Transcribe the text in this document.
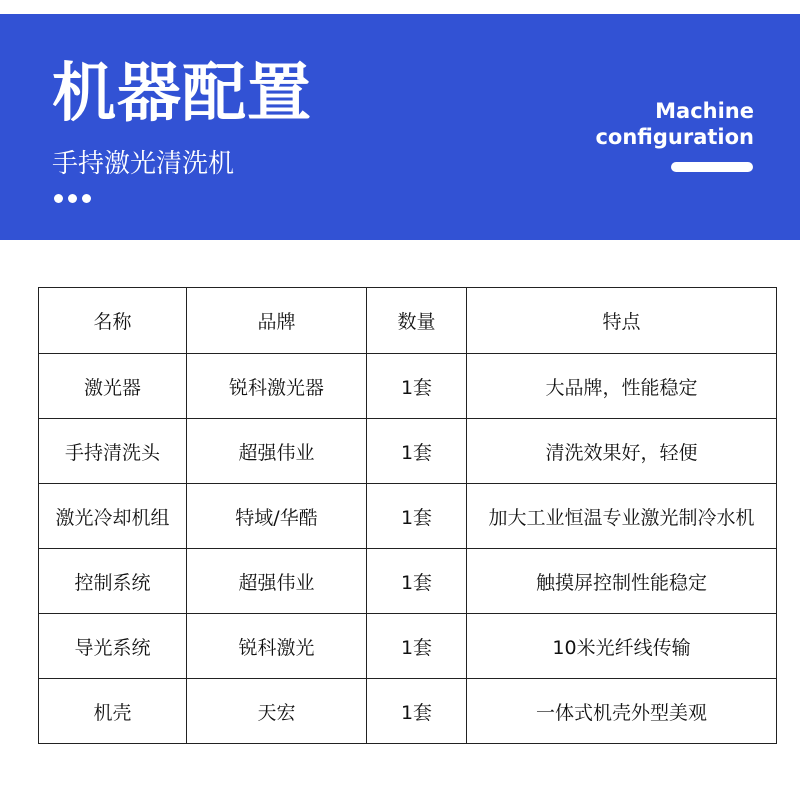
机器配置
手持激光清洗机
Machine
configuration
名称	品牌	数量	特点
激光器	锐科激光器	1套	大品牌，性能稳定
手持清洗头	超强伟业	1套	清洗效果好，轻便
激光冷却机组	特域/华酷	1套	加大工业恒温专业激光制冷水机
控制系统	超强伟业	1套	触摸屏控制性能稳定
导光系统	锐科激光	1套	10米光纤线传输
机壳	天宏	1套	一体式机壳外型美观
